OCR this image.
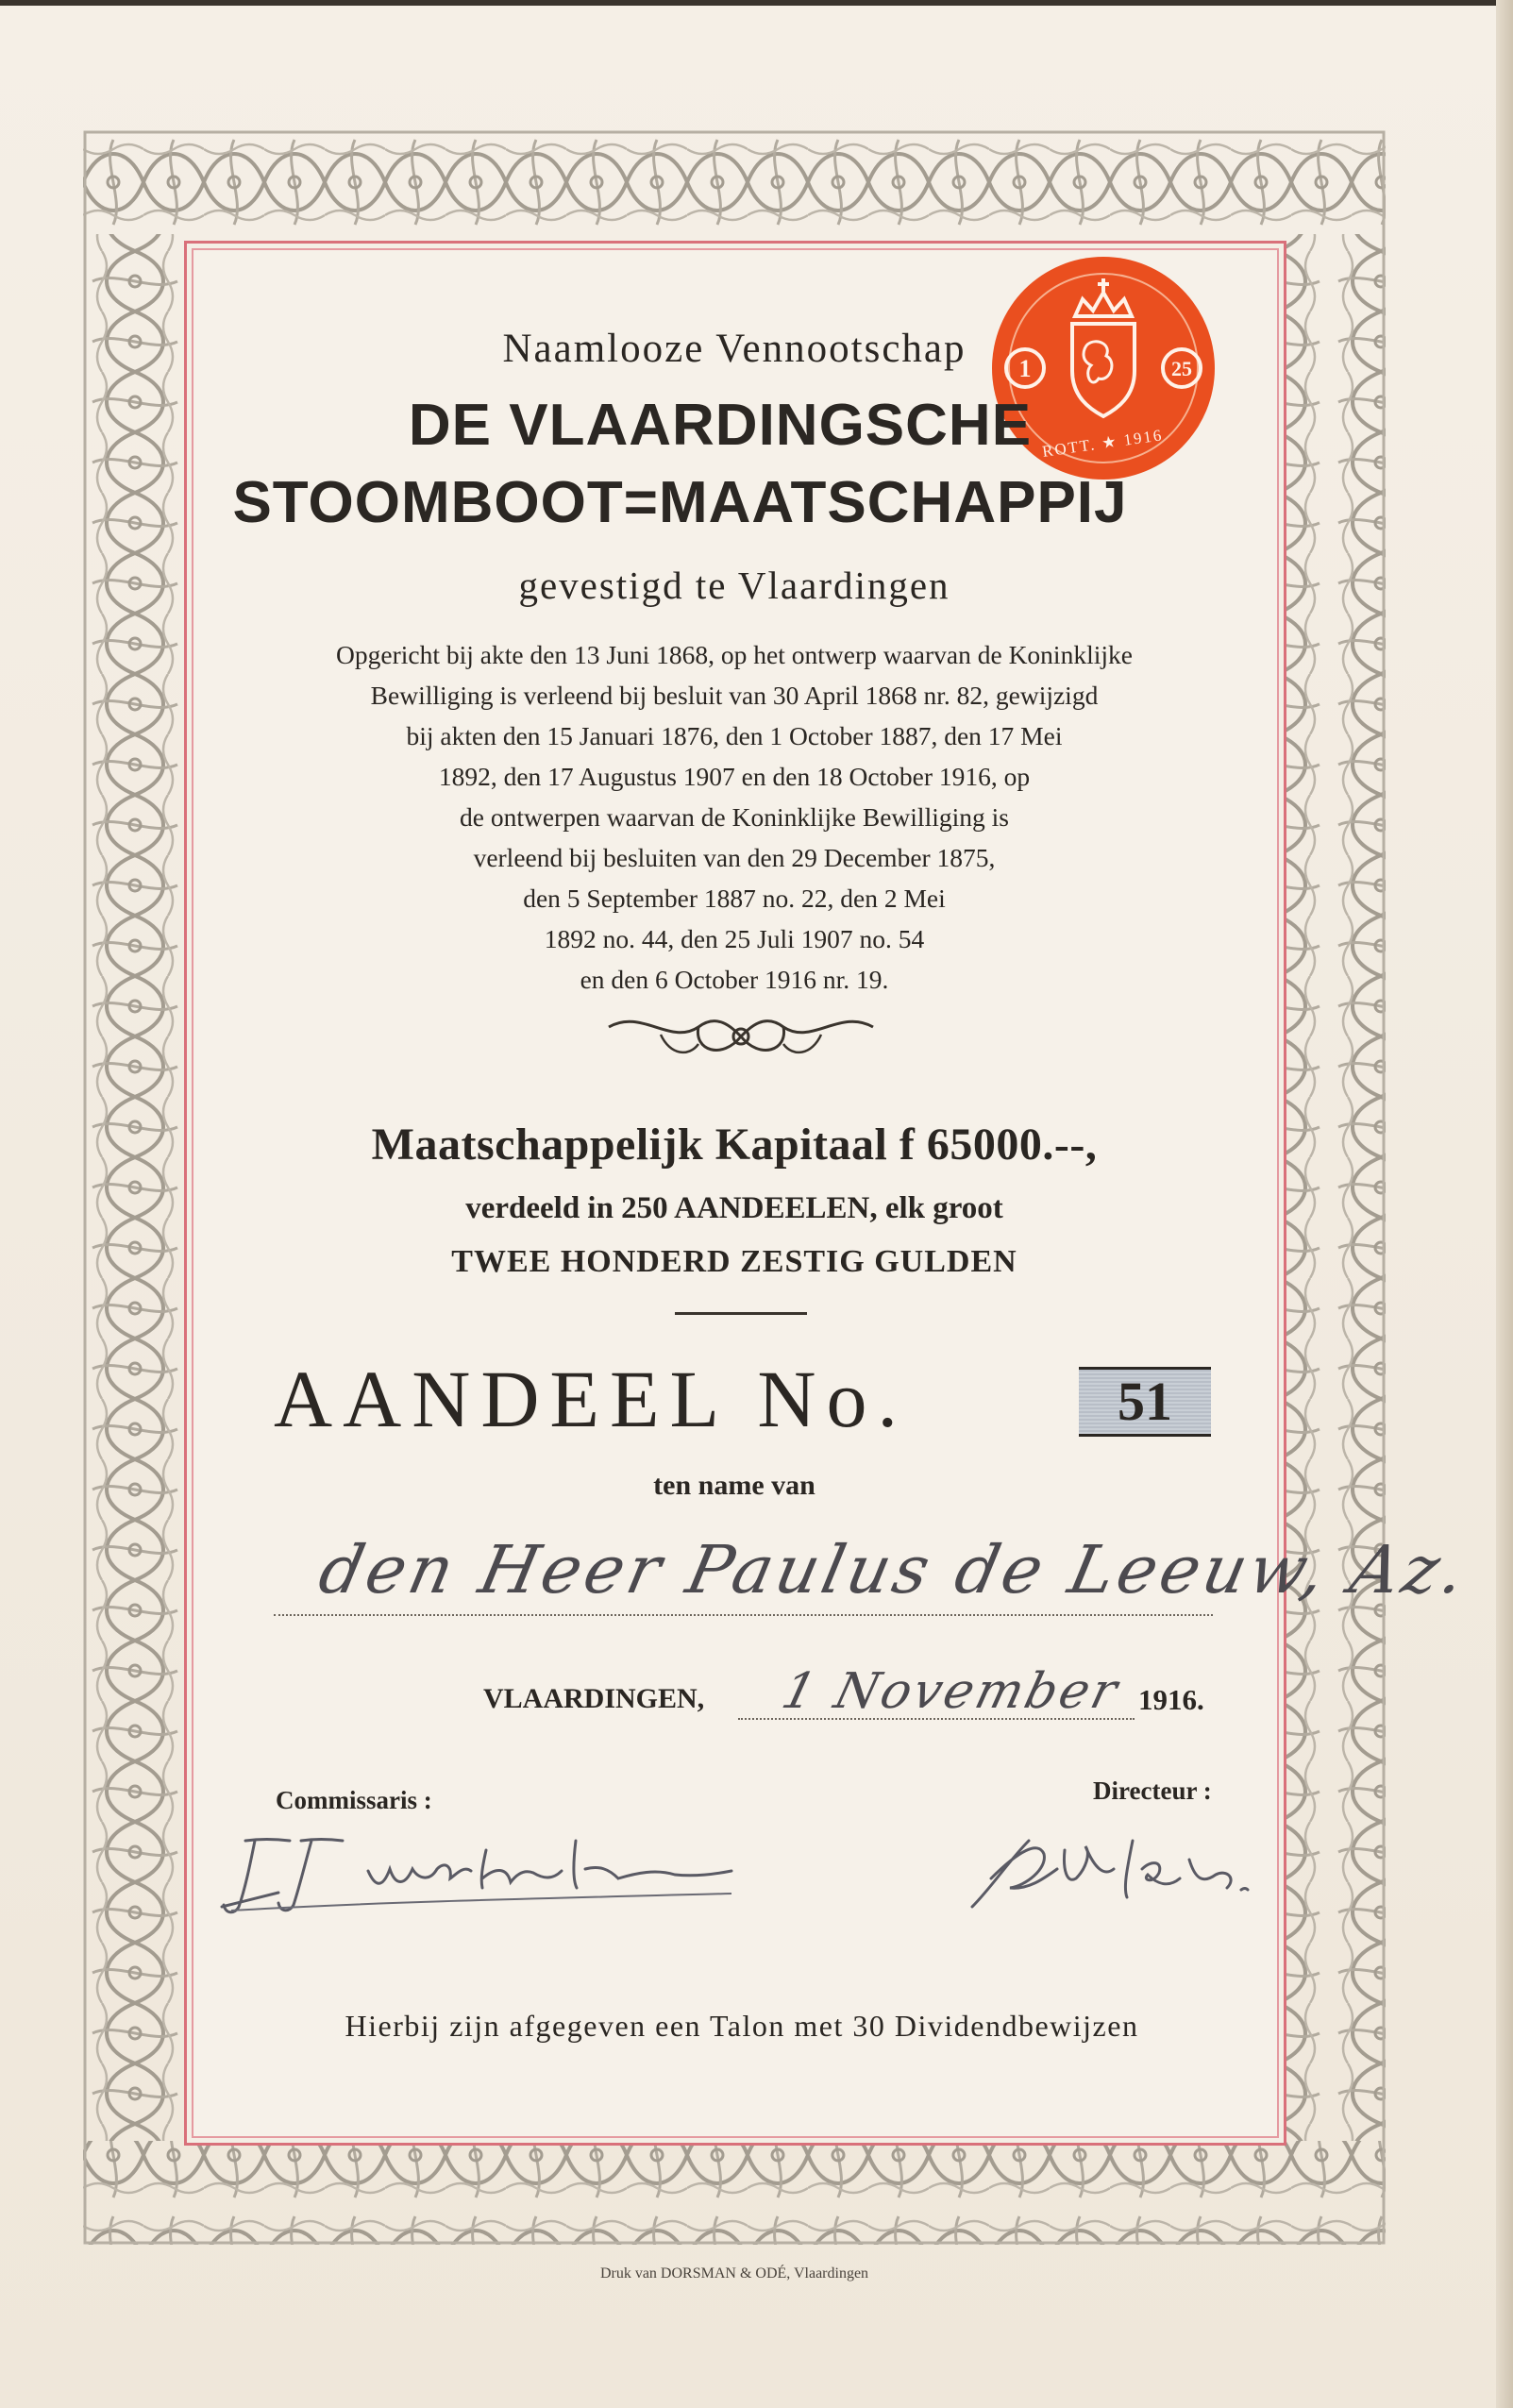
1	25
ROTT. ★ 1916
Naamlooze Vennootschap
DE VLAARDINGSCHE
STOOMBOOT=MAATSCHAPPIJ
gevestigd te Vlaardingen
Opgericht bij akte den 13 Juni 1868, op het ontwerp waarvan de Koninklijke
Bewilliging is verleend bij besluit van 30 April 1868 nr. 82, gewijzigd
bij akten den 15 Januari 1876, den 1 October 1887, den 17 Mei
1892, den 17 Augustus 1907 en den 18 October 1916, op
de ontwerpen waarvan de Koninklijke Bewilliging is
verleend bij besluiten van den 29 December 1875,
den 5 September 1887 no. 22, den 2 Mei
1892 no. 44, den 25 Juli 1907 no. 54
en den 6 October 1916 nr. 19.
Maatschappelijk Kapitaal f 65000.--,
verdeeld in 250 AANDEELEN, elk groot
TWEE HONDERD ZESTIG GULDEN
AANDEEL No.	51
ten name van
den Heer Paulus de Leeuw, Az.
VLAARDINGEN, 1 November 1916.
Commissaris :	Directeur :
Hierbij zijn afgegeven een Talon met 30 Dividendbewijzen
Druk van DORSMAN & ODÉ, Vlaardingen
